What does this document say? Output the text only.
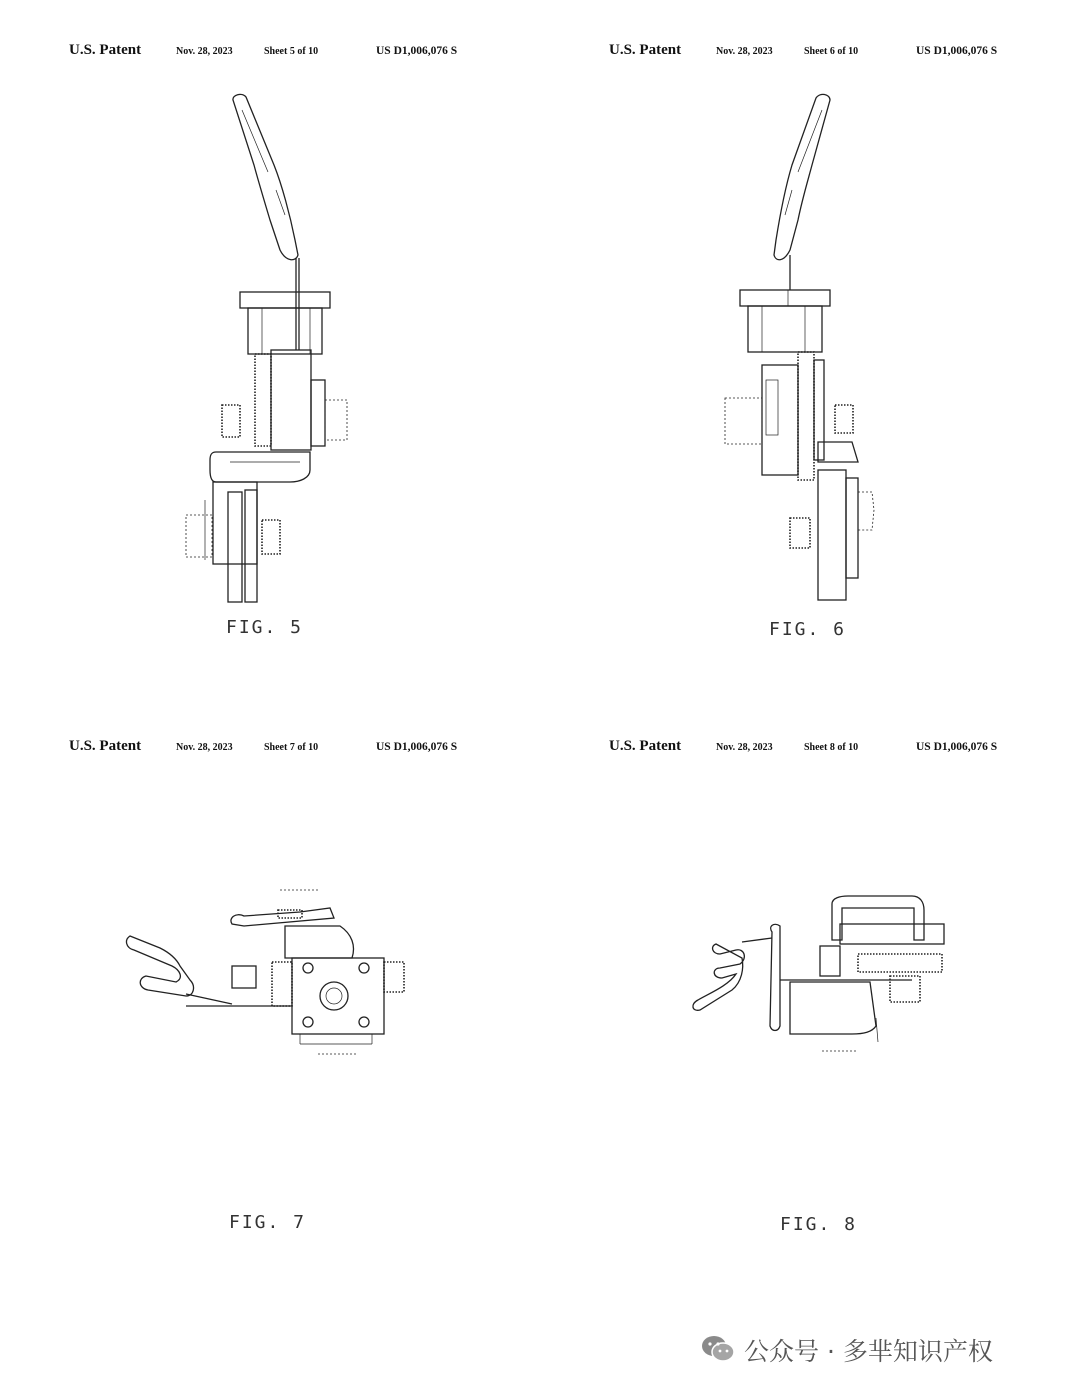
U.S. Patent	Nov. 28, 2023	Sheet 5 of 10	US D1,006,076 S
FIG. 5
U.S. Patent	Nov. 28, 2023	Sheet 6 of 10	US D1,006,076 S
FIG. 6
U.S. Patent	Nov. 28, 2023	Sheet 7 of 10	US D1,006,076 S
FIG. 7
U.S. Patent	Nov. 28, 2023	Sheet 8 of 10	US D1,006,076 S
FIG. 8
公众号 · 多芈知识产权
